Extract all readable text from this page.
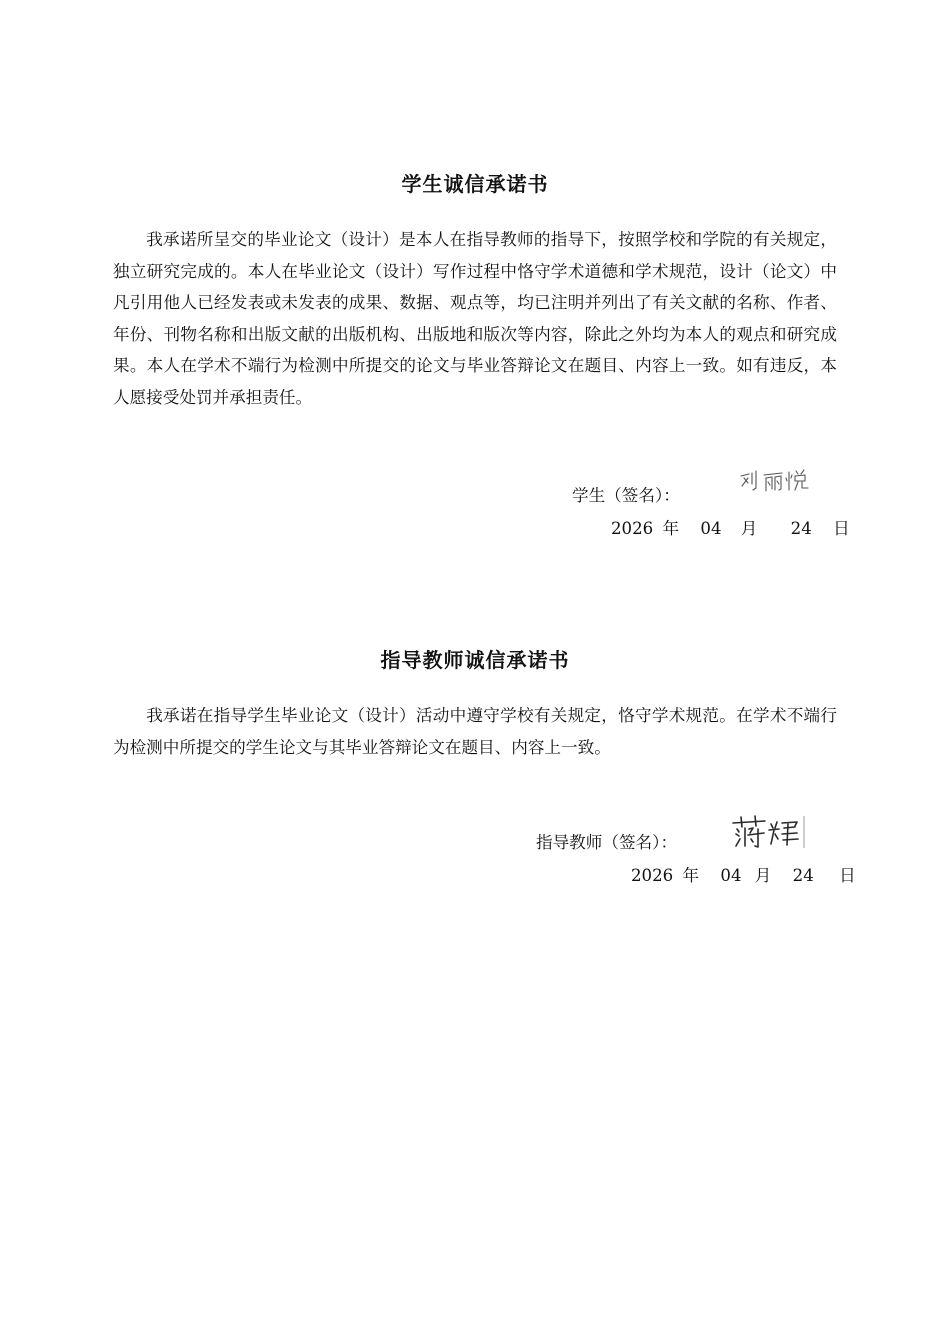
学生诚信承诺书

我承诺所呈交的毕业论文（设计）是本人在指导教师的指导下，按照学校和学院的有关规定，独立研究完成的。本人在毕业论文（设计）写作过程中恪守学术道德和学术规范，设计（论文）中凡引用他人已经发表或未发表的成果、数据、观点等，均已注明并列出了有关文献的名称、作者、年份、刊物名称和出版文献的出版机构、出版地和版次等内容，除此之外均为本人的观点和研究成果。本人在学术不端行为检测中所提交的论文与毕业答辩论文在题目、内容上一致。如有违反，本人愿接受处罚并承担责任。

学生（签名）：
2026 年 04 月 24 日
指导教师诚信承诺书

我承诺在指导学生毕业论文（设计）活动中遵守学校有关规定，恪守学术规范。在学术不端行为检测中所提交的学生论文与其毕业答辩论文在题目、内容上一致。

指导教师（签名）：
2026 年 04 月 24 日
